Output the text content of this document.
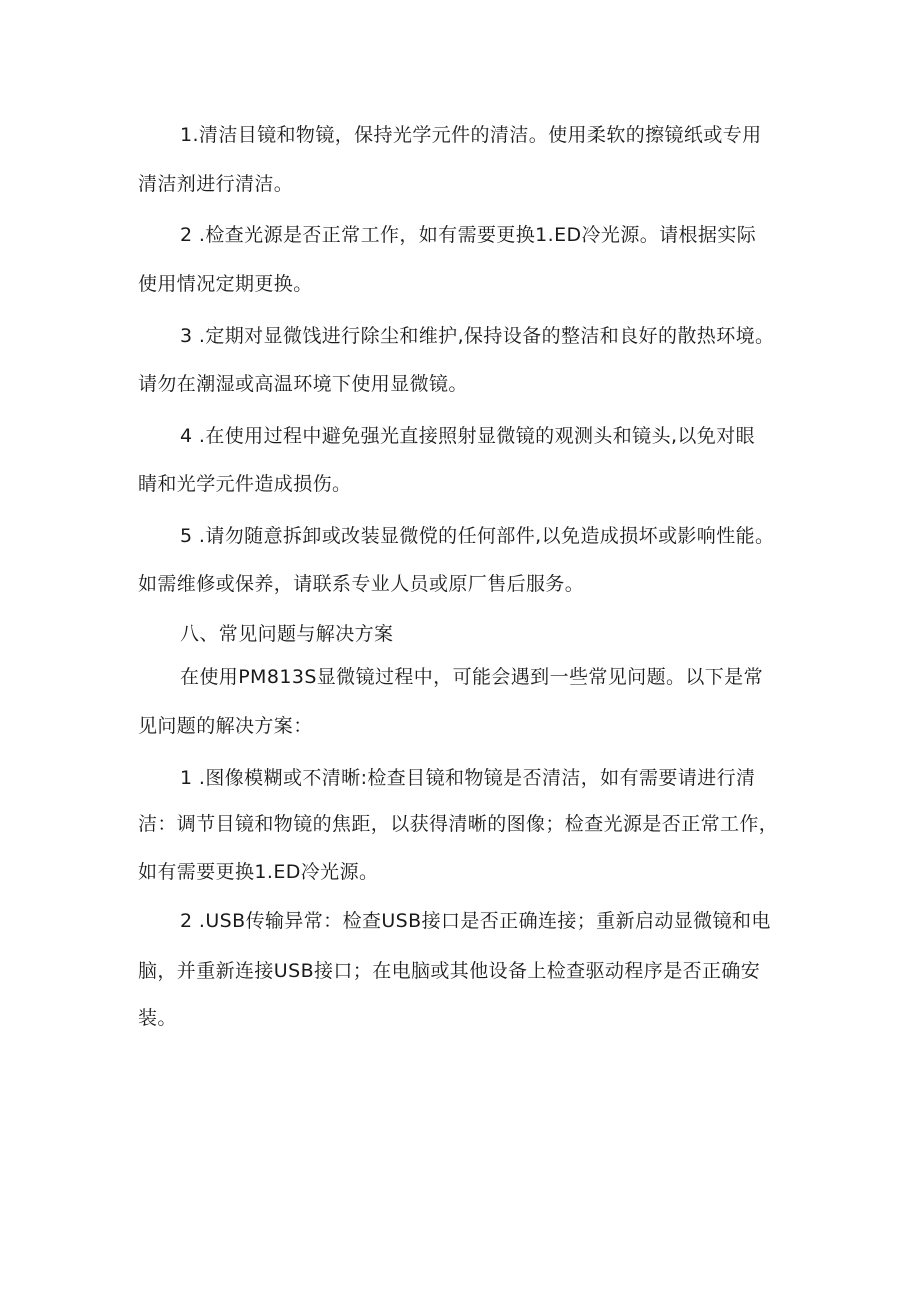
1.清洁目镜和物镜，保持光学元件的清洁。使用柔软的擦镜纸或专用
清洁剂进行清洁。
2 .检查光源是否正常工作，如有需要更换1.ED冷光源。请根据实际
使用情况定期更换。
3 .定期对显微饯进行除尘和维护,保持设备的整洁和良好的散热环境。
请勿在潮湿或高温环境下使用显微镜。
4 .在使用过程中避免强光直接照射显微镜的观测头和镜头,以免对眼
睛和光学元件造成损伤。
5 .请勿随意拆卸或改装显微傥的任何部件,以免造成损坏或影响性能。
如需维修或保养，请联系专业人员或原厂售后服务。
八、常见问题与解决方案
在使用PM813S显微镜过程中，可能会遇到一些常见问题。以下是常
见问题的解决方案：
1 .图像模糊或不清晰:检查目镜和物镜是否清洁，如有需要请进行清
洁：调节目镜和物镜的焦距，以获得清晰的图像；检查光源是否正常工作，
如有需要更换1.ED冷光源。
2 .USB传输异常：检查USB接口是否正确连接；重新启动显微镜和电
脑，并重新连接USB接口；在电脑或其他设备上检查驱动程序是否正确安
装。
